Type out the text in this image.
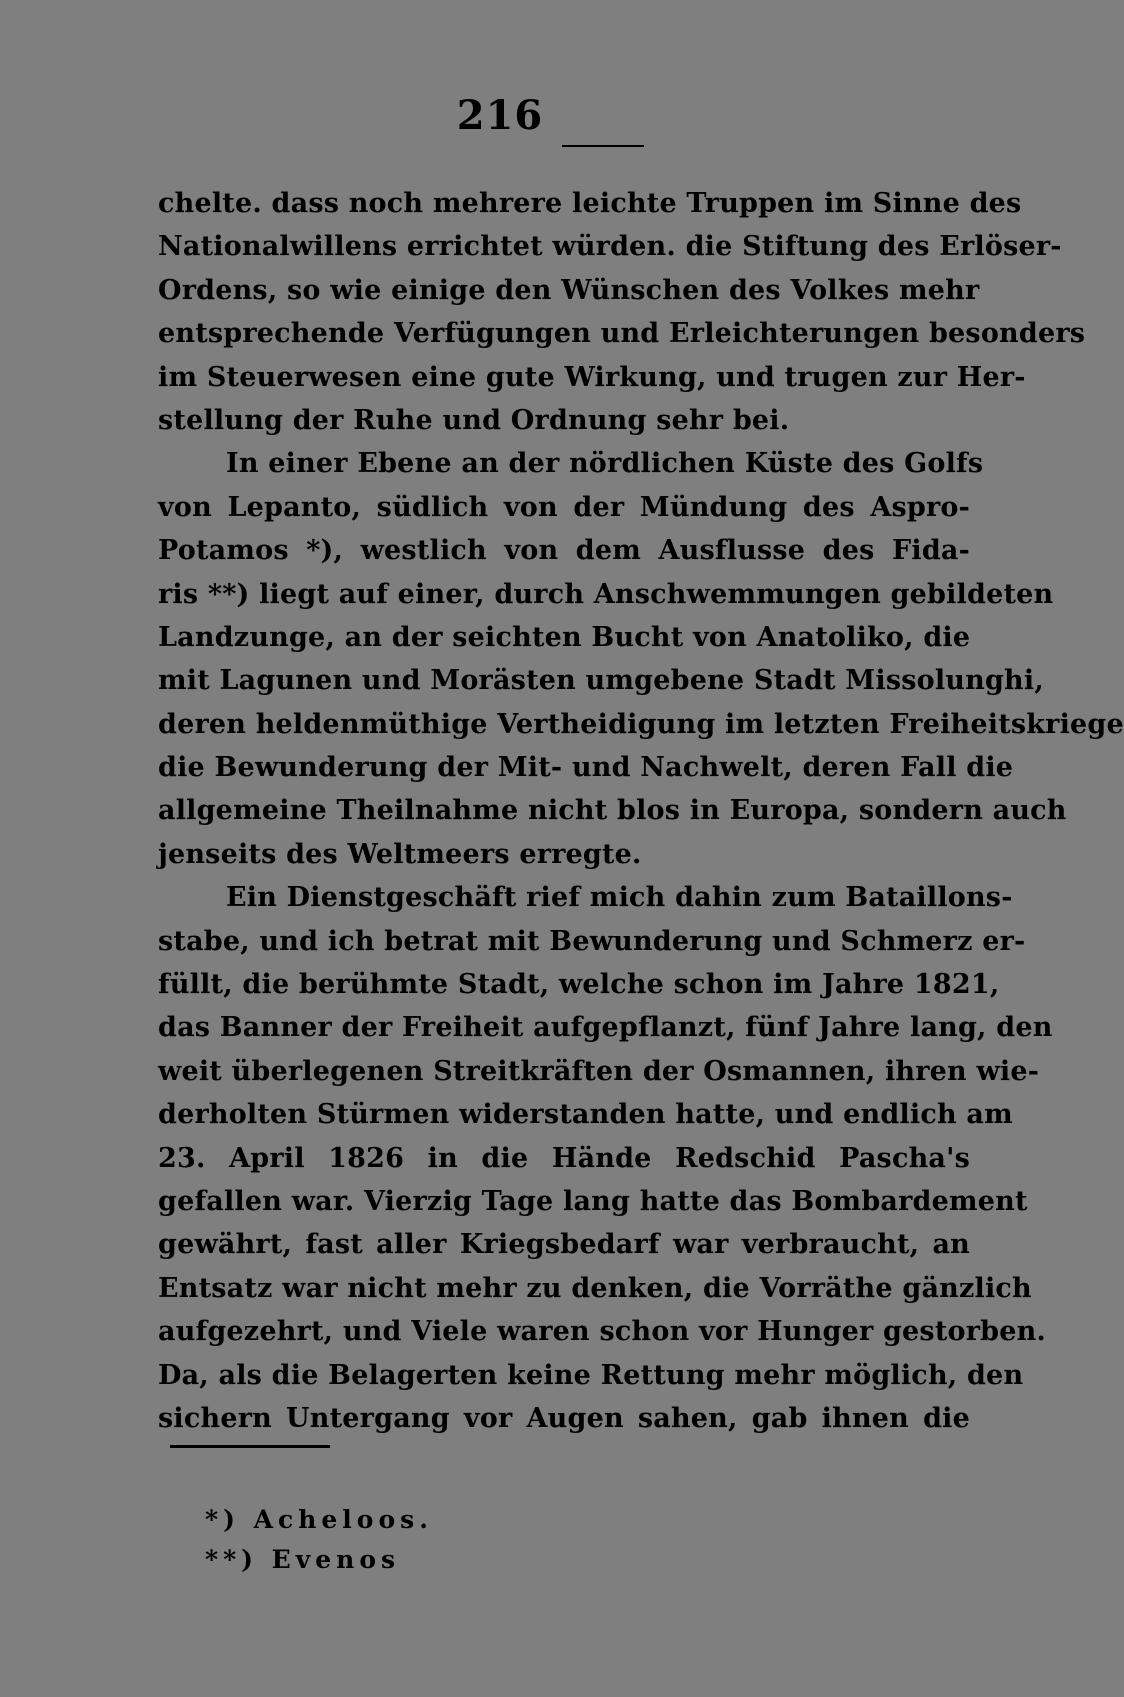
216
chelte. dass noch mehrere leichte Truppen im Sinne des
Nationalwillens errichtet würden. die Stiftung des Erlöser-
Ordens, so wie einige den Wünschen des Volkes mehr
entsprechende Verfügungen und Erleichterungen besonders
im Steuerwesen eine gute Wirkung, und trugen zur Her-
stellung der Ruhe und Ordnung sehr bei.
In einer Ebene an der nördlichen Küste des Golfs
von Lepanto, südlich von der Mündung des Aspro-
Potamos *), westlich von dem Ausflusse des Fida-
ris **) liegt auf einer, durch Anschwemmungen gebildeten
Landzunge, an der seichten Bucht von Anatoliko, die
mit Lagunen und Morästen umgebene Stadt Missolunghi,
deren heldenmüthige Vertheidigung im letzten Freiheitskriege
die Bewunderung der Mit- und Nachwelt, deren Fall die
allgemeine Theilnahme nicht blos in Europa, sondern auch
jenseits des Weltmeers erregte.
Ein Dienstgeschäft rief mich dahin zum Bataillons-
stabe, und ich betrat mit Bewunderung und Schmerz er-
füllt, die berühmte Stadt, welche schon im Jahre 1821,
das Banner der Freiheit aufgepflanzt, fünf Jahre lang, den
weit überlegenen Streitkräften der Osmannen, ihren wie-
derholten Stürmen widerstanden hatte, und endlich am
23. April 1826 in die Hände Redschid Pascha's
gefallen war. Vierzig Tage lang hatte das Bombardement
gewährt, fast aller Kriegsbedarf war verbraucht, an
Entsatz war nicht mehr zu denken, die Vorräthe gänzlich
aufgezehrt, und Viele waren schon vor Hunger gestorben.
Da, als die Belagerten keine Rettung mehr möglich, den
sichern Untergang vor Augen sahen, gab ihnen die
*) Acheloos.
**) Evenos
